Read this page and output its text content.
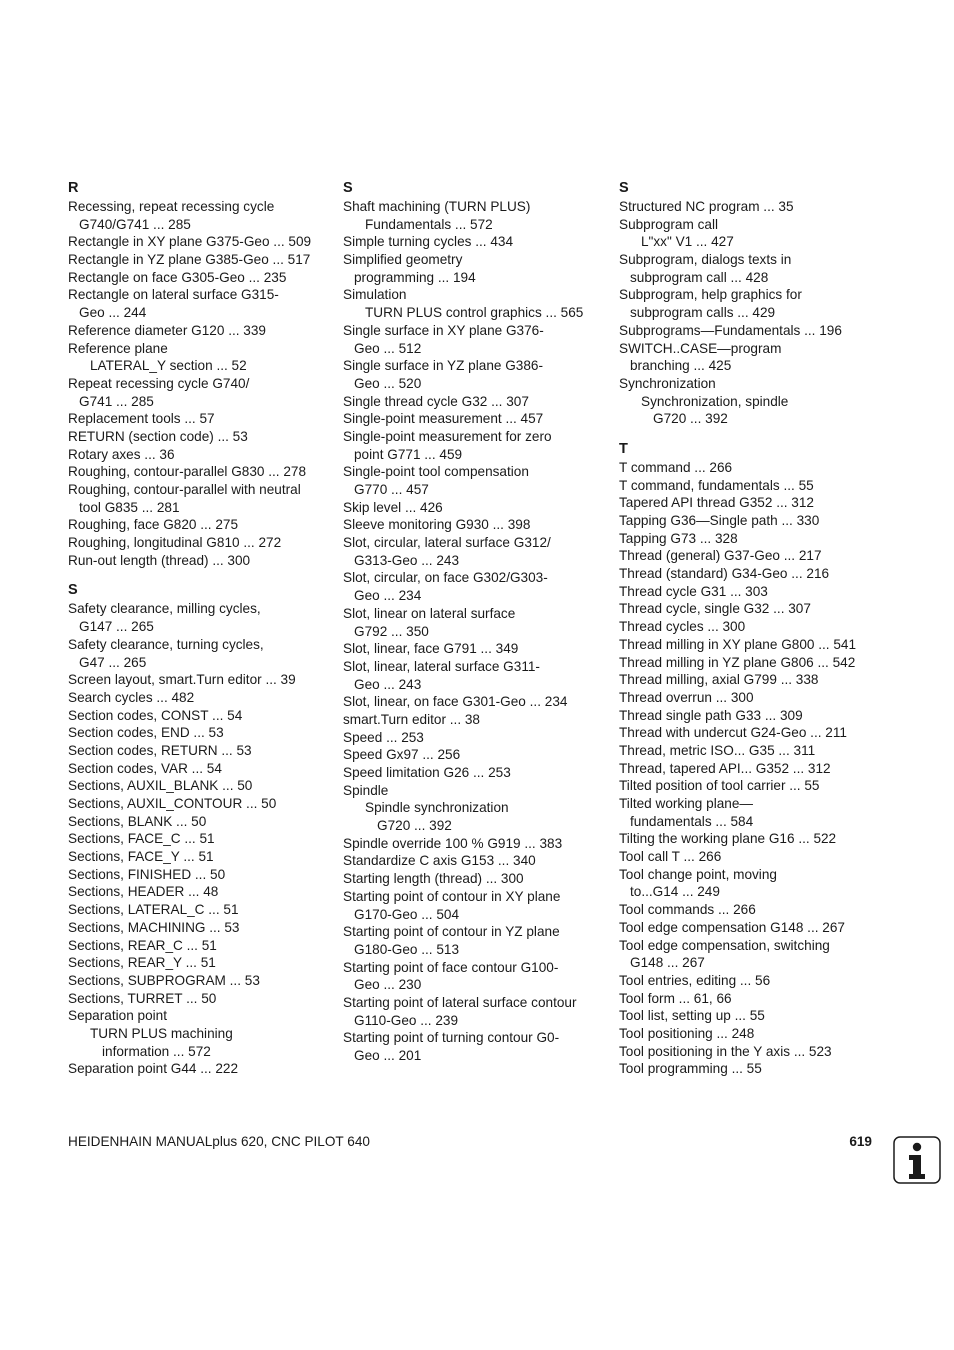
R
Recessing, repeat recessing cycle
G740/G741 ... 285
Rectangle in XY plane G375-Geo ... 509
Rectangle in YZ plane G385-Geo ... 517
Rectangle on face G305-Geo ... 235
Rectangle on lateral surface G315-
Geo ... 244
Reference diameter G120 ... 339
Reference plane
LATERAL_Y section ... 52
Repeat recessing cycle G740/
G741 ... 285
Replacement tools ... 57
RETURN (section code) ... 53
Rotary axes ... 36
Roughing, contour-parallel G830 ... 278
Roughing, contour-parallel with neutral
tool G835 ... 281
Roughing, face G820 ... 275
Roughing, longitudinal G810 ... 272
Run-out length (thread) ... 300
S
Safety clearance, milling cycles,
G147 ... 265
Safety clearance, turning cycles,
G47 ... 265
Screen layout, smart.Turn editor ... 39
Search cycles ... 482
Section codes, CONST ... 54
Section codes, END ... 53
Section codes, RETURN ... 53
Section codes, VAR ... 54
Sections, AUXIL_BLANK ... 50
Sections, AUXIL_CONTOUR ... 50
Sections, BLANK ... 50
Sections, FACE_C ... 51
Sections, FACE_Y ... 51
Sections, FINISHED ... 50
Sections, HEADER ... 48
Sections, LATERAL_C ... 51
Sections, MACHINING ... 53
Sections, REAR_C ... 51
Sections, REAR_Y ... 51
Sections, SUBPROGRAM ... 53
Sections, TURRET ... 50
Separation point
TURN PLUS machining
information ... 572
Separation point G44 ... 222
S
Shaft machining (TURN PLUS)
Fundamentals ... 572
Simple turning cycles ... 434
Simplified geometry
programming ... 194
Simulation
TURN PLUS control graphics ... 565
Single surface in XY plane G376-
Geo ... 512
Single surface in YZ plane G386-
Geo ... 520
Single thread cycle G32 ... 307
Single-point measurement ... 457
Single-point measurement for zero
point G771 ... 459
Single-point tool compensation
G770 ... 457
Skip level ... 426
Sleeve monitoring G930 ... 398
Slot, circular, lateral surface G312/
G313-Geo ... 243
Slot, circular, on face G302/G303-
Geo ... 234
Slot, linear on lateral surface
G792 ... 350
Slot, linear, face G791 ... 349
Slot, linear, lateral surface G311-
Geo ... 243
Slot, linear, on face G301-Geo ... 234
smart.Turn editor ... 38
Speed ... 253
Speed Gx97 ... 256
Speed limitation G26 ... 253
Spindle
Spindle synchronization
G720 ... 392
Spindle override 100 % G919 ... 383
Standardize C axis G153 ... 340
Starting length (thread) ... 300
Starting point of contour in XY plane
G170-Geo ... 504
Starting point of contour in YZ plane
G180-Geo ... 513
Starting point of face contour G100-
Geo ... 230
Starting point of lateral surface contour
G110-Geo ... 239
Starting point of turning contour G0-
Geo ... 201
S
Structured NC program ... 35
Subprogram call
L"xx" V1 ... 427
Subprogram, dialogs texts in
subprogram call ... 428
Subprogram, help graphics for
subprogram calls ... 429
Subprograms—Fundamentals ... 196
SWITCH..CASE—program
branching ... 425
Synchronization
Synchronization, spindle
G720 ... 392
T
T command ... 266
T command, fundamentals ... 55
Tapered API thread G352 ... 312
Tapping G36—Single path ... 330
Tapping G73 ... 328
Thread (general) G37-Geo ... 217
Thread (standard) G34-Geo ... 216
Thread cycle G31 ... 303
Thread cycle, single G32 ... 307
Thread cycles ... 300
Thread milling in XY plane G800 ... 541
Thread milling in YZ plane G806 ... 542
Thread milling, axial G799 ... 338
Thread overrun ... 300
Thread single path G33 ... 309
Thread with undercut G24-Geo ... 211
Thread, metric ISO... G35 ... 311
Thread, tapered API... G352 ... 312
Tilted position of tool carrier ... 55
Tilted working plane—
fundamentals ... 584
Tilting the working plane G16 ... 522
Tool call T ... 266
Tool change point, moving
to...G14 ... 249
Tool commands ... 266
Tool edge compensation G148 ... 267
Tool edge compensation, switching
G148 ... 267
Tool entries, editing ... 56
Tool form ... 61, 66
Tool list, setting up ... 55
Tool positioning ... 248
Tool positioning in the Y axis ... 523
Tool programming ... 55
HEIDENHAIN MANUALplus 620, CNC PILOT 640	619
